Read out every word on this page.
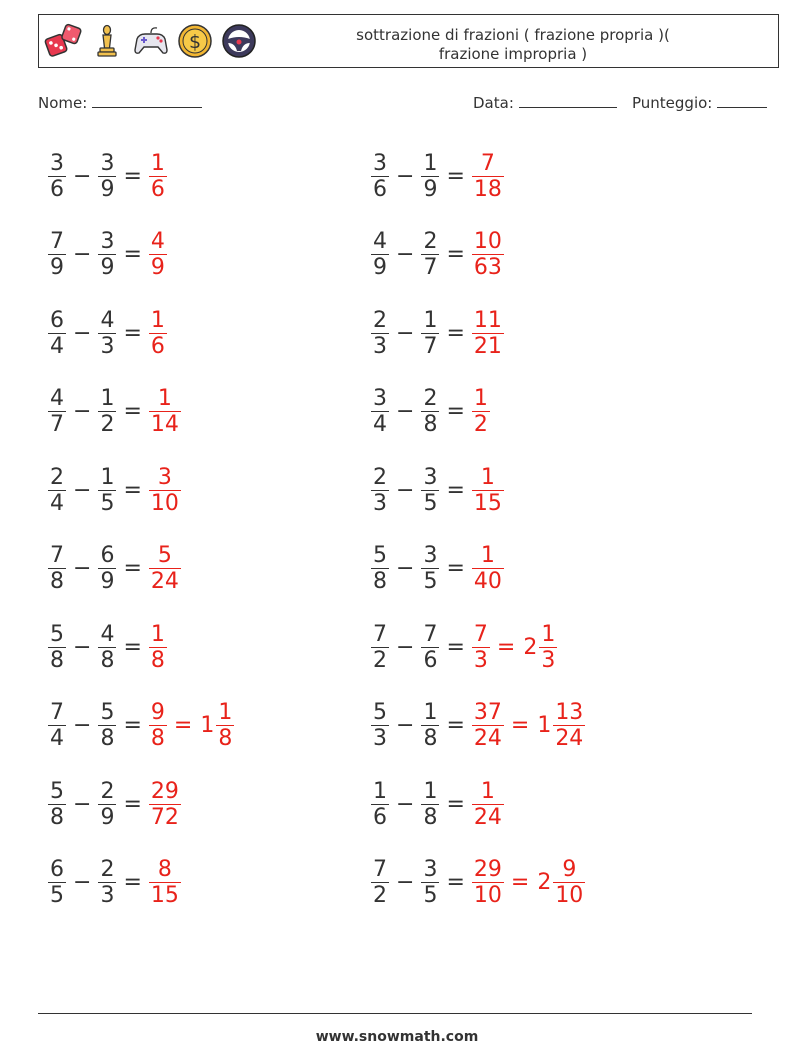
$	sottrazione di frazioni ( frazione propria )( frazione impropria )
Nome:	Data:	Punteggio:
$\frac{3}{6} - \frac{3}{9} = \frac{1}{6}$	$\frac{3}{6} - \frac{1}{9} = \frac{7}{18}$
$\frac{7}{9} - \frac{3}{9} = \frac{4}{9}$	$\frac{4}{9} - \frac{2}{7} = \frac{10}{63}$
$\frac{6}{4} - \frac{4}{3} = \frac{1}{6}$	$\frac{2}{3} - \frac{1}{7} = \frac{11}{21}$
$\frac{4}{7} - \frac{1}{2} = \frac{1}{14}$	$\frac{3}{4} - \frac{2}{8} = \frac{1}{2}$
$\frac{2}{4} - \frac{1}{5} = \frac{3}{10}$	$\frac{2}{3} - \frac{3}{5} = \frac{1}{15}$
$\frac{7}{8} - \frac{6}{9} = \frac{5}{24}$	$\frac{5}{8} - \frac{3}{5} = \frac{1}{40}$
$\frac{5}{8} - \frac{4}{8} = \frac{1}{8}$	$\frac{7}{2} - \frac{7}{6} = \frac{7}{3} = 2 \frac{1}{3}$
$\frac{7}{4} - \frac{5}{8} = \frac{9}{8} = 1 \frac{1}{8}$	$\frac{5}{3} - \frac{1}{8} = \frac{37}{24} = 1 \frac{13}{24}$
$\frac{5}{8} - \frac{2}{9} = \frac{29}{72}$	$\frac{1}{6} - \frac{1}{8} = \frac{1}{24}$
$\frac{6}{5} - \frac{2}{3} = \frac{8}{15}$	$\frac{7}{2} - \frac{3}{5} = \frac{29}{10} = 2 \frac{9}{10}$
www.snowmath.com
